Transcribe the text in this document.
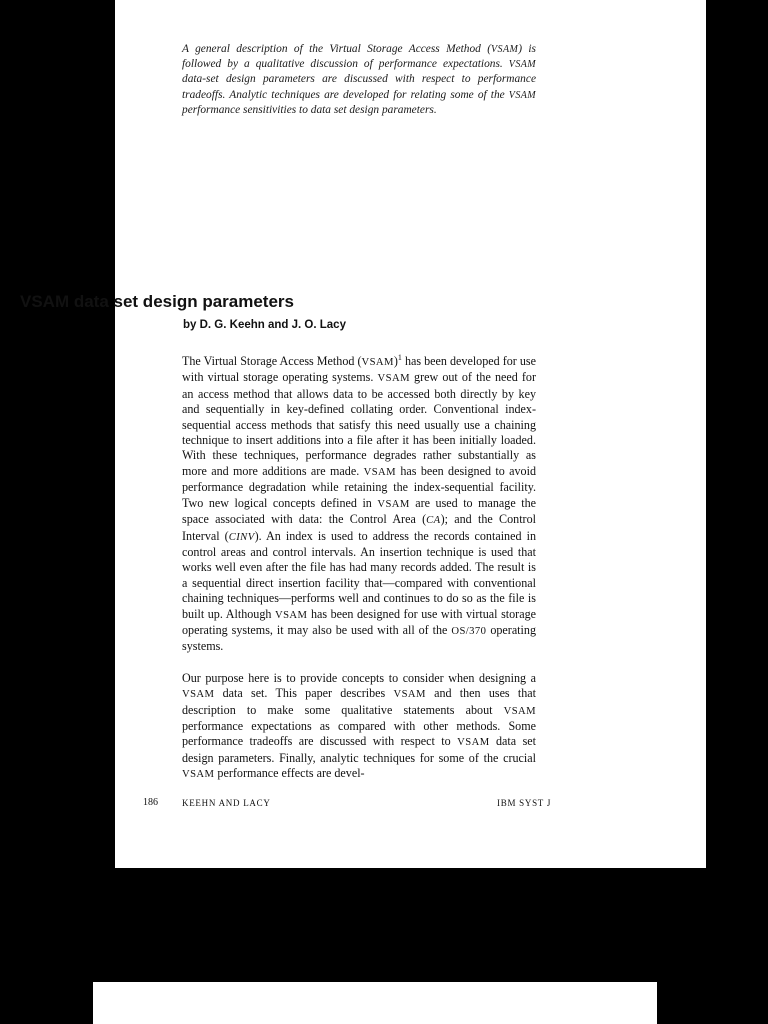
A general description of the Virtual Storage Access Method (VSAM) is followed by a qualitative discussion of performance expectations. VSAM data-set design parameters are discussed with respect to performance tradeoffs. Analytic techniques are developed for relating some of the VSAM performance sensitivities to data set design parameters.
VSAM data set design parameters
by D. G. Keehn and J. O. Lacy

The Virtual Storage Access Method (VSAM)$^1$ has been developed for use with virtual storage operating systems. VSAM grew out of the need for an access method that allows data to be accessed both directly by key and sequentially in key-defined collating order. Conventional index-sequential access methods that satisfy this need usually use a chaining technique to insert additions into a file after it has been initially loaded. With these techniques, performance degrades rather substantially as more and more additions are made. VSAM has been designed to avoid performance degradation while retaining the index-sequential facility. Two new logical concepts defined in VSAM are used to manage the space associated with data: the Control Area (CA); and the Control Interval (CINV). An index is used to address the records contained in control areas and control intervals. An insertion technique is used that works well even after the file has had many records added. The result is a sequential direct insertion facility that—compared with conventional chaining techniques—performs well and continues to do so as the file is built up. Although VSAM has been designed for use with virtual storage operating systems, it may also be used with all of the OS/370 operating systems.

Our purpose here is to provide concepts to consider when designing a VSAM data set. This paper describes VSAM and then uses that description to make some qualitative statements about VSAM performance expectations as compared with other methods. Some performance tradeoffs are discussed with respect to VSAM data set design parameters. Finally, analytic techniques for some of the crucial VSAM performance effects are devel-

186	KEEHN AND LACY	IBM SYST J
